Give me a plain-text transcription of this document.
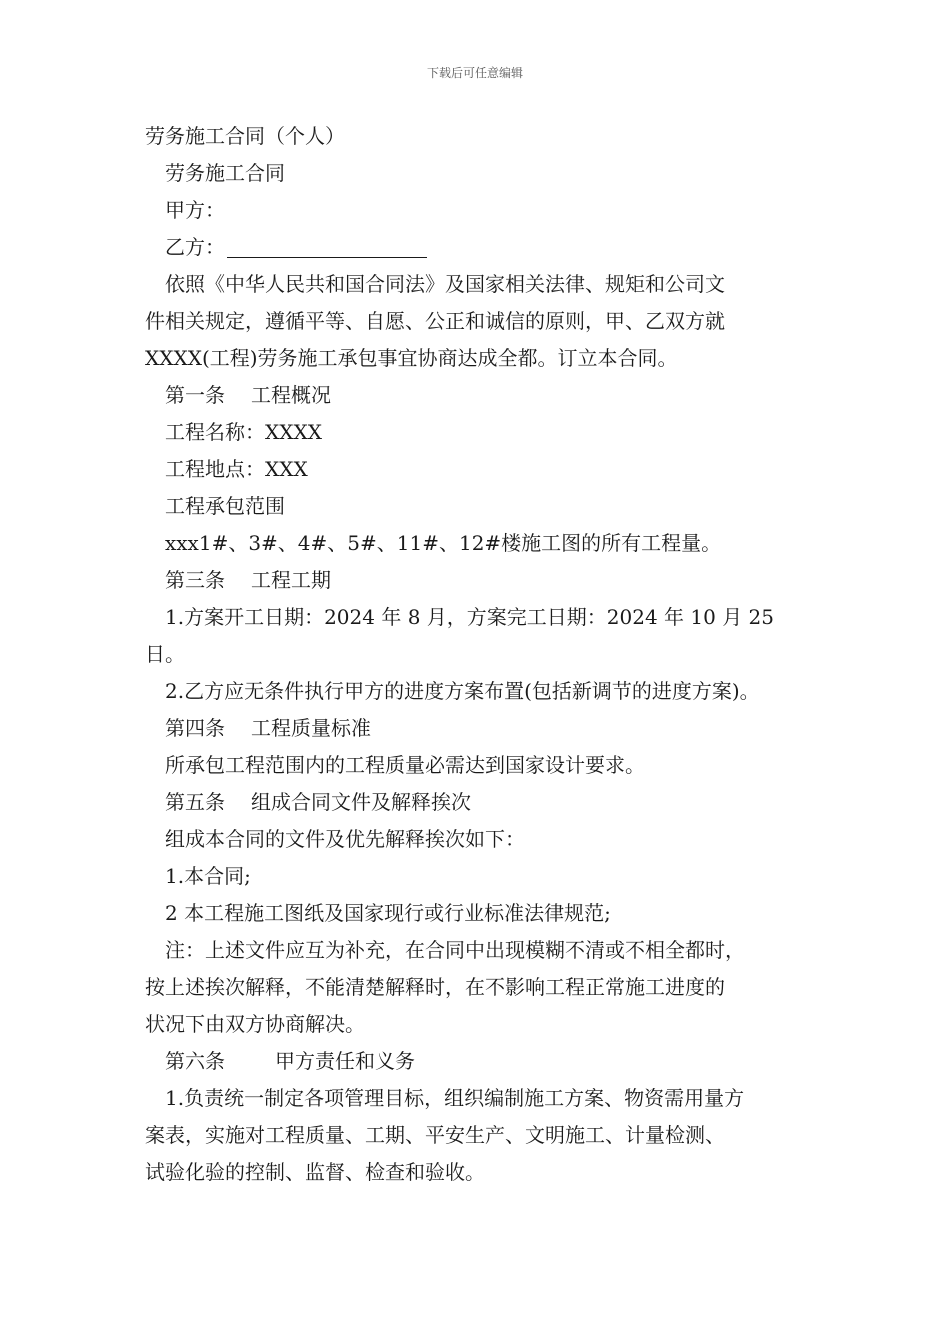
下载后可任意编辑
劳务施工合同（个人）
劳务施工合同
甲方：
乙方：
依照《中华人民共和国合同法》及国家相关法律、规矩和公司文
件相关规定，遵循平等、自愿、公正和诚信的原则，甲、乙双方就
XXXX(工程)劳务施工承包事宜协商达成全都。订立本合同。
第一条 工程概况
工程名称：XXXX
工程地点：XXX
工程承包范围
xxx1#、3#、4#、5#、11#、12#楼施工图的所有工程量。
第三条 工程工期
1.方案开工日期：2024 年 8 月，方案完工日期：2024 年 10 月 25
日。
2.乙方应无条件执行甲方的进度方案布置(包括新调节的进度方案)。
第四条 工程质量标准
所承包工程范围内的工程质量必需达到国家设计要求。
第五条 组成合同文件及解释挨次
组成本合同的文件及优先解释挨次如下：
1.本合同;
2 本工程施工图纸及国家现行或行业标准法律规范;
注：上述文件应互为补充，在合同中出现模糊不清或不相全都时，
按上述挨次解释，不能清楚解释时，在不影响工程正常施工进度的
状况下由双方协商解决。
第六条	甲方责任和义务
1.负责统一制定各项管理目标，组织编制施工方案、物资需用量方
案表，实施对工程质量、工期、平安生产、文明施工、计量检测、
试验化验的控制、监督、检查和验收。
